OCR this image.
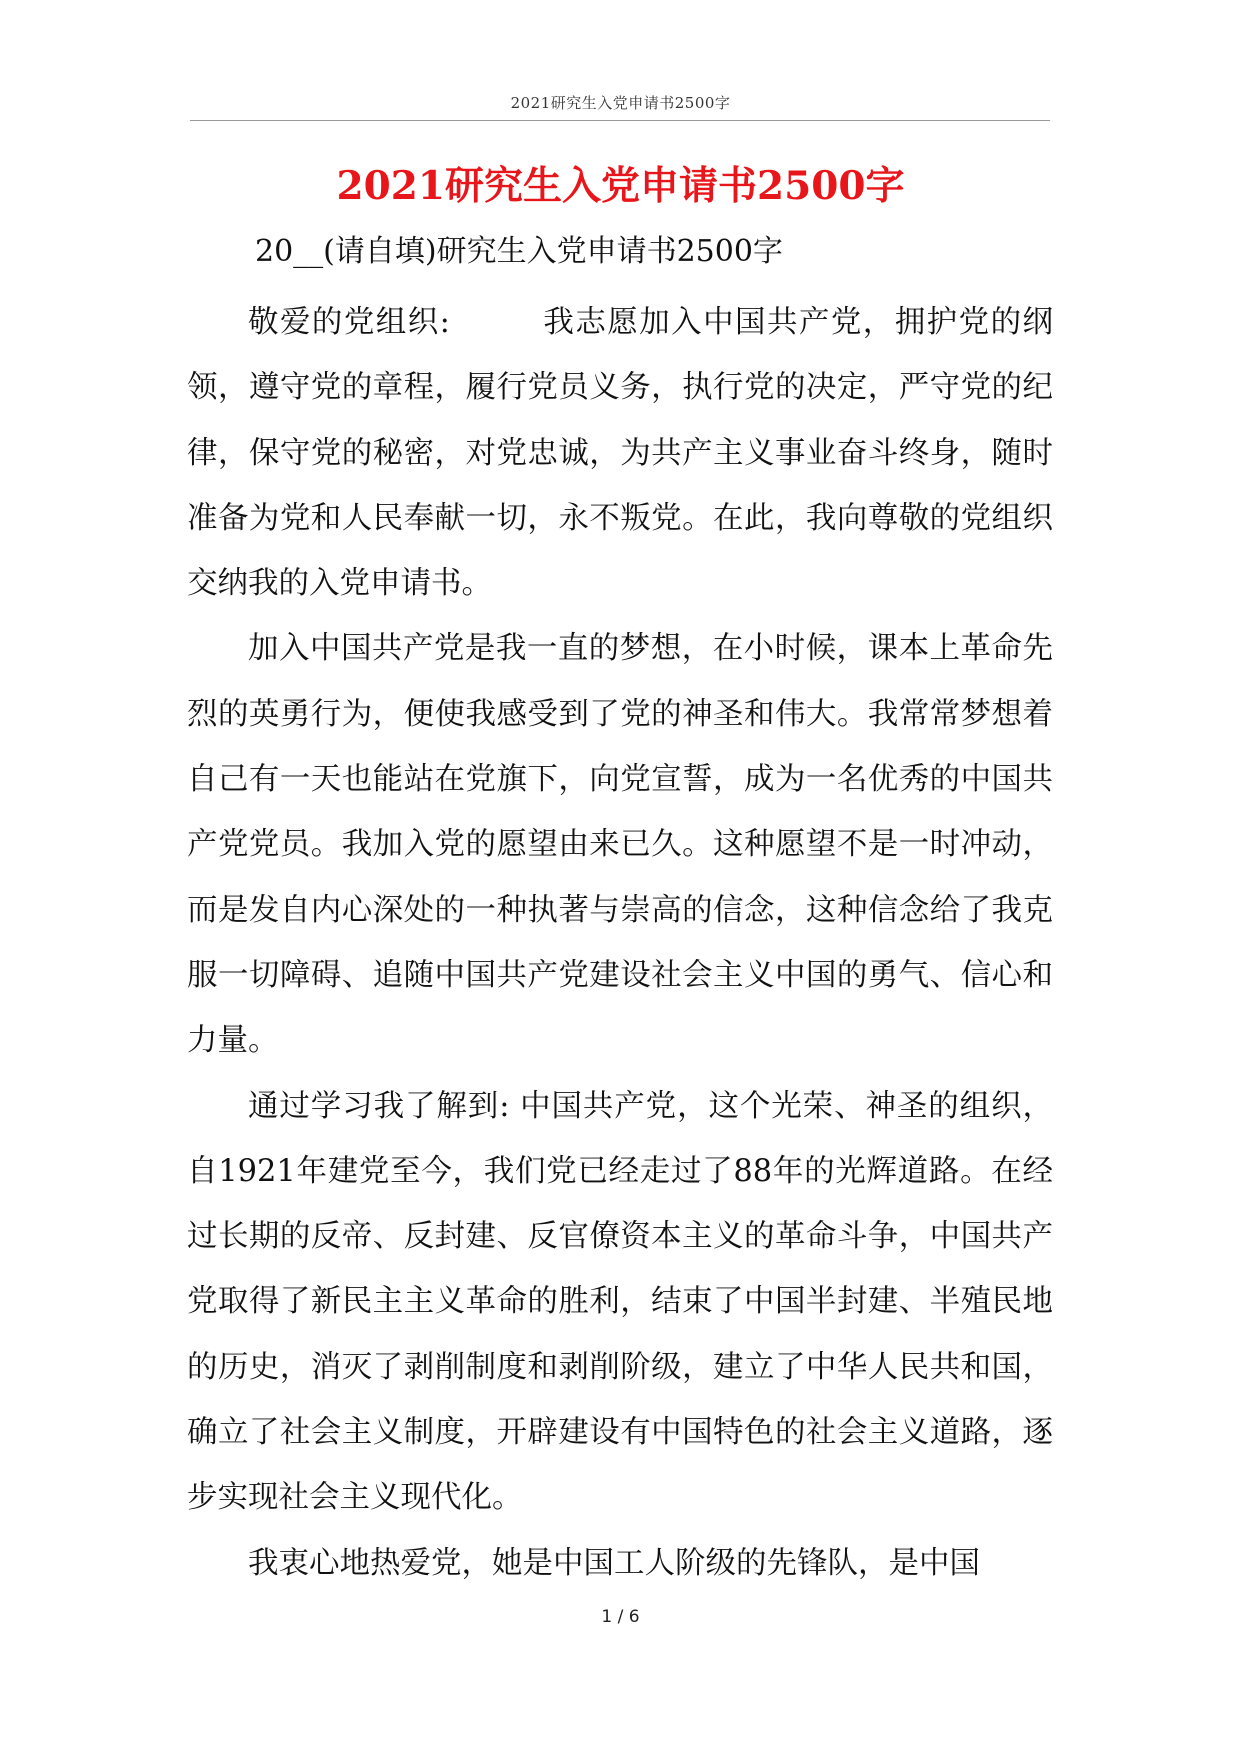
2021研究生入党申请书2500字
2021研究生入党申请书2500字

20__(请自填)研究生入党申请书2500字

敬爱的党组织:	我志愿加入中国共产党，拥护党的纲领，遵守党的章程，履行党员义务，执行党的决定，严守党的纪律，保守党的秘密，对党忠诚，为共产主义事业奋斗终身，随时准备为党和人民奉献一切，永不叛党。在此，我向尊敬的党组织交纳我的入党申请书。

加入中国共产党是我一直的梦想，在小时候，课本上革命先烈的英勇行为，便使我感受到了党的神圣和伟大。我常常梦想着自己有一天也能站在党旗下，向党宣誓，成为一名优秀的中国共产党党员。我加入党的愿望由来已久。这种愿望不是一时冲动，而是发自内心深处的一种执著与崇高的信念，这种信念给了我克服一切障碍、追随中国共产党建设社会主义中国的勇气、信心和力量。

通过学习我了解到: 中国共产党，这个光荣、神圣的组织，自1921年建党至今，我们党已经走过了88年的光辉道路。在经过长期的反帝、反封建、反官僚资本主义的革命斗争，中国共产党取得了新民主主义革命的胜利，结束了中国半封建、半殖民地的历史，消灭了剥削制度和剥削阶级，建立了中华人民共和国，确立了社会主义制度，开辟建设有中国特色的社会主义道路，逐步实现社会主义现代化。

我衷心地热爱党，她是中国工人阶级的先锋队，是中国

1 / 6
